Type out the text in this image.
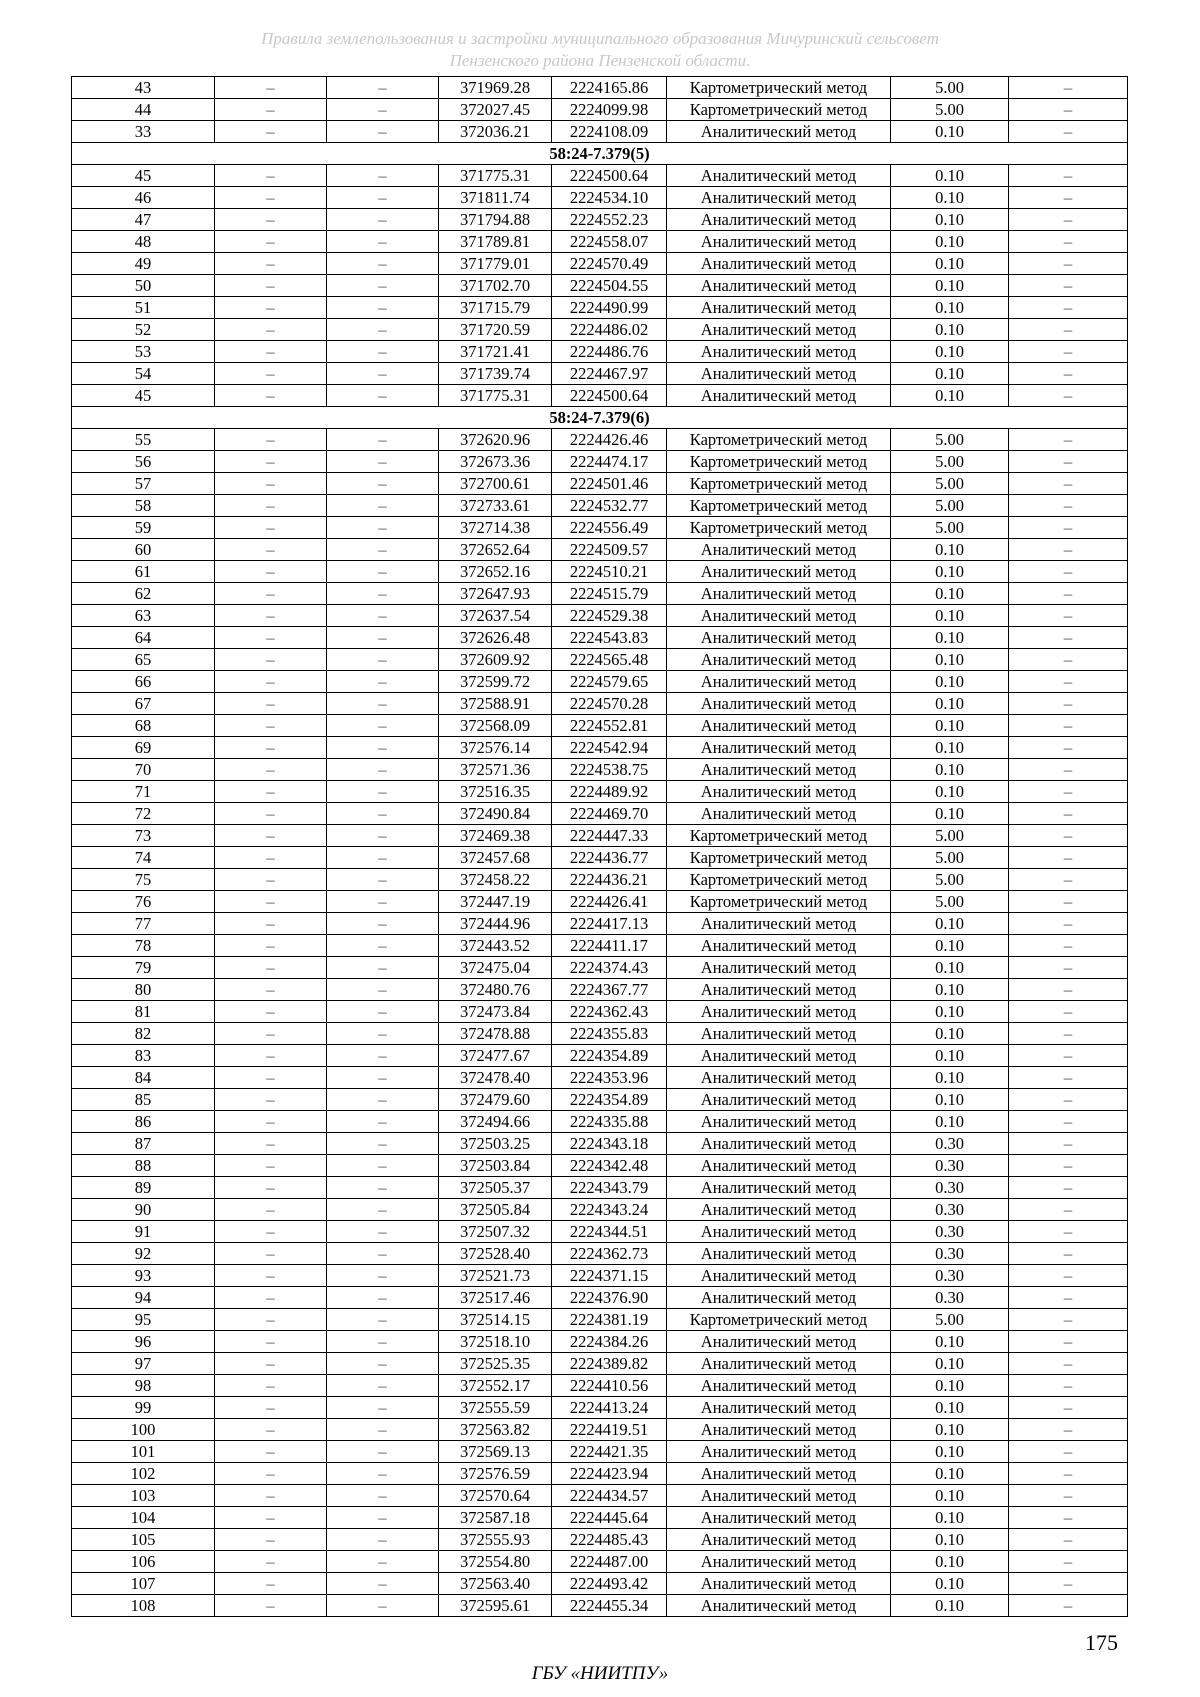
Правила землепользования и застройки муниципального образования Мичуринский сельсовет
Пензенского района Пензенской области.
43	–	–	371969.28	2224165.86	Картометрический метод	5.00	–
44	–	–	372027.45	2224099.98	Картометрический метод	5.00	–
33	–	–	372036.21	2224108.09	Аналитический метод	0.10	–
58:24-7.379(5)							
45	–	–	371775.31	2224500.64	Аналитический метод	0.10	–
46	–	–	371811.74	2224534.10	Аналитический метод	0.10	–
47	–	–	371794.88	2224552.23	Аналитический метод	0.10	–
48	–	–	371789.81	2224558.07	Аналитический метод	0.10	–
49	–	–	371779.01	2224570.49	Аналитический метод	0.10	–
50	–	–	371702.70	2224504.55	Аналитический метод	0.10	–
51	–	–	371715.79	2224490.99	Аналитический метод	0.10	–
52	–	–	371720.59	2224486.02	Аналитический метод	0.10	–
53	–	–	371721.41	2224486.76	Аналитический метод	0.10	–
54	–	–	371739.74	2224467.97	Аналитический метод	0.10	–
45	–	–	371775.31	2224500.64	Аналитический метод	0.10	–
58:24-7.379(6)							
55	–	–	372620.96	2224426.46	Картометрический метод	5.00	–
56	–	–	372673.36	2224474.17	Картометрический метод	5.00	–
57	–	–	372700.61	2224501.46	Картометрический метод	5.00	–
58	–	–	372733.61	2224532.77	Картометрический метод	5.00	–
59	–	–	372714.38	2224556.49	Картометрический метод	5.00	–
60	–	–	372652.64	2224509.57	Аналитический метод	0.10	–
61	–	–	372652.16	2224510.21	Аналитический метод	0.10	–
62	–	–	372647.93	2224515.79	Аналитический метод	0.10	–
63	–	–	372637.54	2224529.38	Аналитический метод	0.10	–
64	–	–	372626.48	2224543.83	Аналитический метод	0.10	–
65	–	–	372609.92	2224565.48	Аналитический метод	0.10	–
66	–	–	372599.72	2224579.65	Аналитический метод	0.10	–
67	–	–	372588.91	2224570.28	Аналитический метод	0.10	–
68	–	–	372568.09	2224552.81	Аналитический метод	0.10	–
69	–	–	372576.14	2224542.94	Аналитический метод	0.10	–
70	–	–	372571.36	2224538.75	Аналитический метод	0.10	–
71	–	–	372516.35	2224489.92	Аналитический метод	0.10	–
72	–	–	372490.84	2224469.70	Аналитический метод	0.10	–
73	–	–	372469.38	2224447.33	Картометрический метод	5.00	–
74	–	–	372457.68	2224436.77	Картометрический метод	5.00	–
75	–	–	372458.22	2224436.21	Картометрический метод	5.00	–
76	–	–	372447.19	2224426.41	Картометрический метод	5.00	–
77	–	–	372444.96	2224417.13	Аналитический метод	0.10	–
78	–	–	372443.52	2224411.17	Аналитический метод	0.10	–
79	–	–	372475.04	2224374.43	Аналитический метод	0.10	–
80	–	–	372480.76	2224367.77	Аналитический метод	0.10	–
81	–	–	372473.84	2224362.43	Аналитический метод	0.10	–
82	–	–	372478.88	2224355.83	Аналитический метод	0.10	–
83	–	–	372477.67	2224354.89	Аналитический метод	0.10	–
84	–	–	372478.40	2224353.96	Аналитический метод	0.10	–
85	–	–	372479.60	2224354.89	Аналитический метод	0.10	–
86	–	–	372494.66	2224335.88	Аналитический метод	0.10	–
87	–	–	372503.25	2224343.18	Аналитический метод	0.30	–
88	–	–	372503.84	2224342.48	Аналитический метод	0.30	–
89	–	–	372505.37	2224343.79	Аналитический метод	0.30	–
90	–	–	372505.84	2224343.24	Аналитический метод	0.30	–
91	–	–	372507.32	2224344.51	Аналитический метод	0.30	–
92	–	–	372528.40	2224362.73	Аналитический метод	0.30	–
93	–	–	372521.73	2224371.15	Аналитический метод	0.30	–
94	–	–	372517.46	2224376.90	Аналитический метод	0.30	–
95	–	–	372514.15	2224381.19	Картометрический метод	5.00	–
96	–	–	372518.10	2224384.26	Аналитический метод	0.10	–
97	–	–	372525.35	2224389.82	Аналитический метод	0.10	–
98	–	–	372552.17	2224410.56	Аналитический метод	0.10	–
99	–	–	372555.59	2224413.24	Аналитический метод	0.10	–
100	–	–	372563.82	2224419.51	Аналитический метод	0.10	–
101	–	–	372569.13	2224421.35	Аналитический метод	0.10	–
102	–	–	372576.59	2224423.94	Аналитический метод	0.10	–
103	–	–	372570.64	2224434.57	Аналитический метод	0.10	–
104	–	–	372587.18	2224445.64	Аналитический метод	0.10	–
105	–	–	372555.93	2224485.43	Аналитический метод	0.10	–
106	–	–	372554.80	2224487.00	Аналитический метод	0.10	–
107	–	–	372563.40	2224493.42	Аналитический метод	0.10	–
108	–	–	372595.61	2224455.34	Аналитический метод	0.10	–
175
ГБУ «НИИТПУ»
